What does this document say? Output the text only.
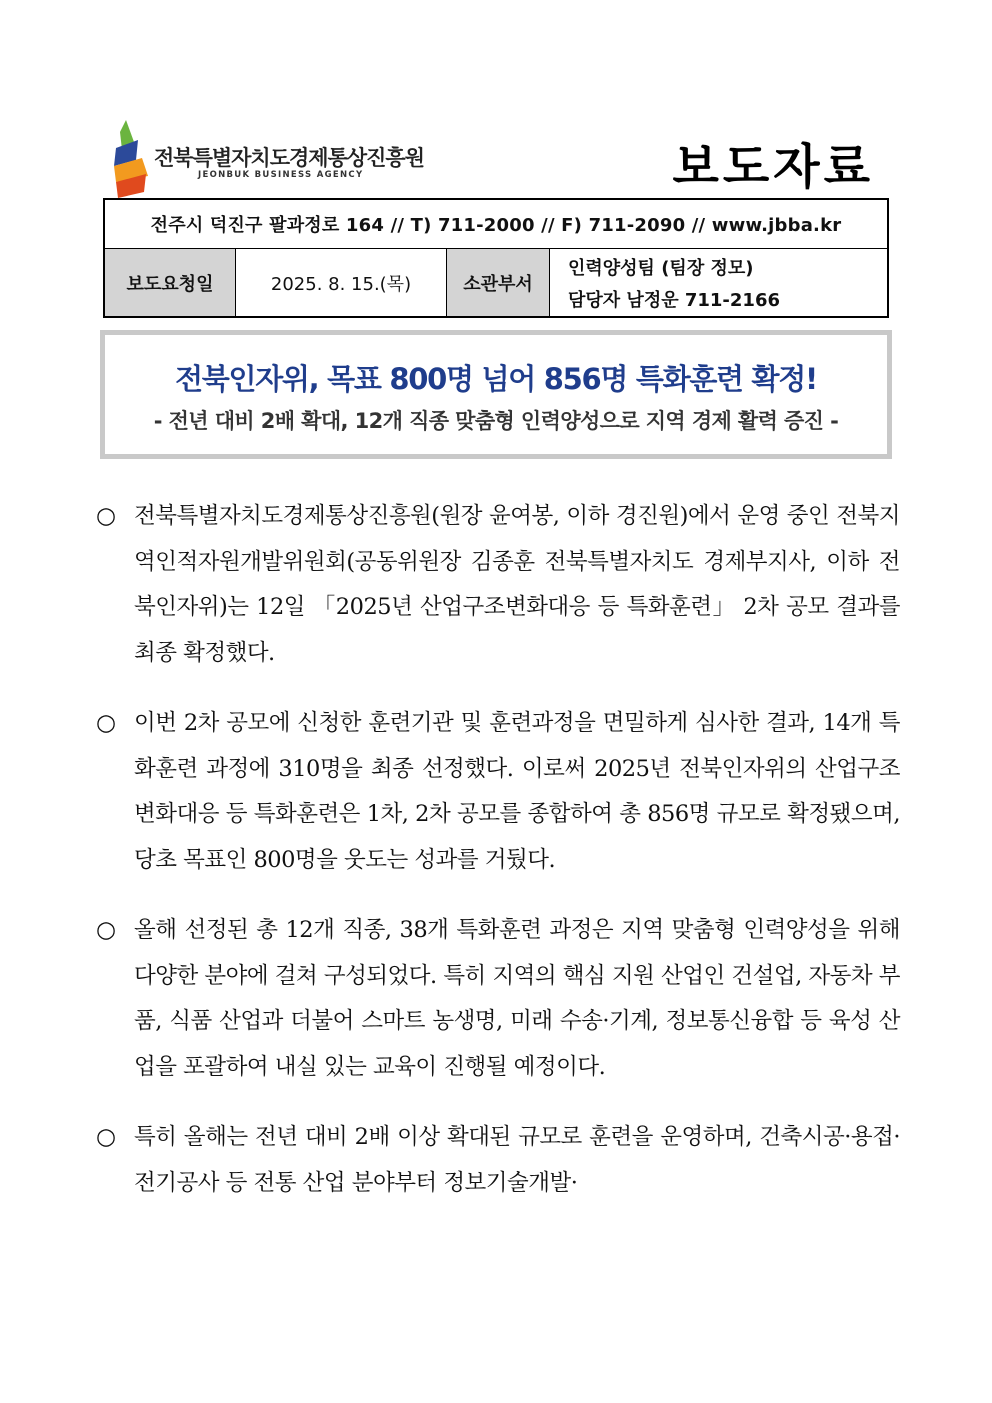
전북특별자치도경제통상진흥원
JEONBUK BUSINESS AGENCY	보도자료
전주시 덕진구 팔과정로 164 // T) 711-2000 // F) 711-2090 // www.jbba.kr
보도요청일	2025. 8. 15.(목)	소관부서
인력양성팀 (팀장 정모)
담당자 남정운 711-2166
전북인자위, 목표 800명 넘어 856명 특화훈련 확정!
- 전년 대비 2배 확대, 12개 직종 맞춤형 인력양성으로 지역 경제 활력 증진 -
○ 전북특별자치도경제통상진흥원(원장 윤여봉, 이하 경진원)에서 운영 중인 전북지역인적자원개발위원회(공동위원장 김종훈 전북특별자치도 경제부지사, 이하 전북인자위)는 12일 「2025년 산업구조변화대응 등 특화훈련」 2차 공모 결과를 최종 확정했다.
○ 이번 2차 공모에 신청한 훈련기관 및 훈련과정을 면밀하게 심사한 결과, 14개 특화훈련 과정에 310명을 최종 선정했다. 이로써 2025년 전북인자위의 산업구조변화대응 등 특화훈련은 1차, 2차 공모를 종합하여 총 856명 규모로 확정됐으며, 당초 목표인 800명을 웃도는 성과를 거뒀다.
○ 올해 선정된 총 12개 직종, 38개 특화훈련 과정은 지역 맞춤형 인력양성을 위해 다양한 분야에 걸쳐 구성되었다. 특히 지역의 핵심 지원 산업인 건설업, 자동차 부품, 식품 산업과 더불어 스마트 농생명, 미래 수송·기계, 정보통신융합 등 육성 산업을 포괄하여 내실 있는 교육이 진행될 예정이다.
○ 특히 올해는 전년 대비 2배 이상 확대된 규모로 훈련을 운영하며, 건축시공·용접·전기공사 등 전통 산업 분야부터 정보기술개발·
